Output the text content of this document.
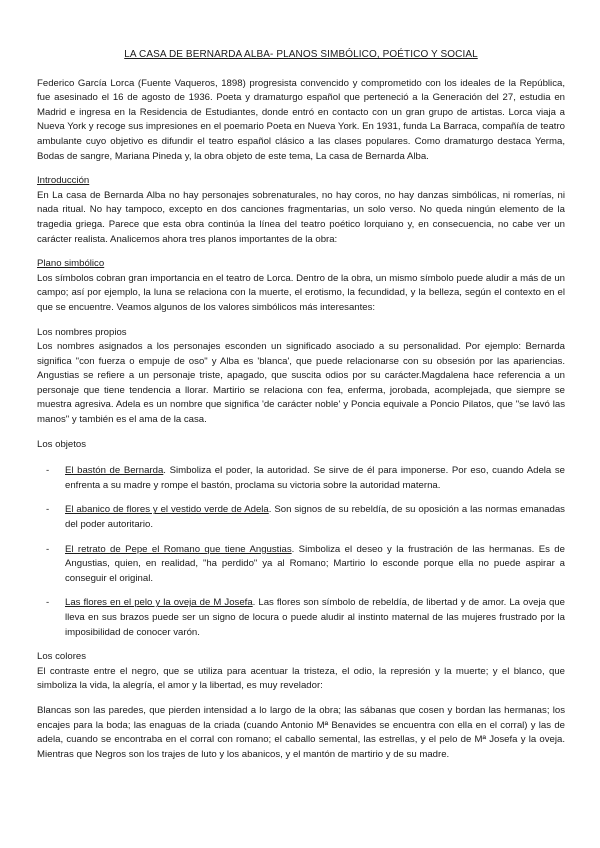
LA CASA DE BERNARDA ALBA- PLANOS SIMBÓLICO, POÉTICO Y SOCIAL

Federico García Lorca (Fuente Vaqueros, 1898) progresista convencido y comprometido con los ideales de la República, fue asesinado el 16 de agosto de 1936. Poeta y dramaturgo español que perteneció a la Generación del 27, estudia en Madrid e ingresa en la Residencia de Estudiantes, donde entró en contacto con un gran grupo de artistas. Lorca viaja a Nueva York y recoge sus impresiones en el poemario Poeta en Nueva York. En 1931, funda La Barraca, compañía de teatro ambulante cuyo objetivo es difundir el teatro español clásico a las clases populares. Como dramaturgo destaca Yerma, Bodas de sangre, Mariana Pineda y, la obra objeto de este tema, La casa de Bernarda Alba.

Introducción

En La casa de Bernarda Alba no hay personajes sobrenaturales, no hay coros, no hay danzas simbólicas, ni romerías, ni nada ritual. No hay tampoco, excepto en dos canciones fragmentarias, un solo verso. No queda ningún elemento de la tragedia griega. Parece que esta obra continúa la línea del teatro poético lorquiano y, en consecuencia, no cabe ver un carácter realista. Analicemos ahora tres planos importantes de la obra:

Plano simbólico

Los símbolos cobran gran importancia en el teatro de Lorca. Dentro de la obra, un mismo símbolo puede aludir a más de un campo; así por ejemplo, la luna se relaciona con la muerte, el erotismo, la fecundidad, y la belleza, según el contexto en el que se encuentre. Veamos algunos de los valores simbólicos más interesantes:

Los nombres propios

Los nombres asignados a los personajes esconden un significado asociado a su personalidad. Por ejemplo: Bernarda significa "con fuerza o empuje de oso" y Alba es 'blanca', que puede relacionarse con su obsesión por las apariencias. Angustias se refiere a un personaje triste, apagado, que suscita odios por su carácter.Magdalena hace referencia a un personaje que tiene tendencia a llorar. Martirio se relaciona con fea, enferma, jorobada, acomplejada, que siempre se muestra agresiva. Adela es un nombre que significa 'de carácter noble' y Poncia equivale a Poncio Pilatos, que "se lavó las manos" y también es el ama de la casa.

Los objetos
- El bastón de Bernarda. Simboliza el poder, la autoridad. Se sirve de él para imponerse. Por eso, cuando Adela se enfrenta a su madre y rompe el bastón, proclama su victoria sobre la autoridad materna.
- El abanico de flores y el vestido verde de Adela. Son signos de su rebeldía, de su oposición a las normas emanadas del poder autoritario.
- El retrato de Pepe el Romano que tiene Angustias. Simboliza el deseo y la frustración de las hermanas. Es de Angustias, quien, en realidad, "ha perdido" ya al Romano; Martirio lo esconde porque ella no puede aspirar a conseguir el original.
- Las flores en el pelo y la oveja de M Josefa. Las flores son símbolo de rebeldía, de libertad y de amor. La oveja que lleva en sus brazos puede ser un signo de locura o puede aludir al instinto maternal de las mujeres frustrado por la imposibilidad de conocer varón.
Los colores

El contraste entre el negro, que se utiliza para acentuar la tristeza, el odio, la represión y la muerte; y el blanco, que simboliza la vida, la alegría, el amor y la libertad, es muy revelador:

Blancas son las paredes, que pierden intensidad a lo largo de la obra; las sábanas que cosen y bordan las hermanas; los encajes para la boda; las enaguas de la criada (cuando Antonio Mª Benavides se encuentra con ella en el corral) y las de adela, cuando se encontraba en el corral con romano; el caballo semental, las estrellas, y el pelo de Mª Josefa y la oveja. Mientras que Negros son los trajes de luto y los abanicos, y el mantón de martirio y de su madre.
